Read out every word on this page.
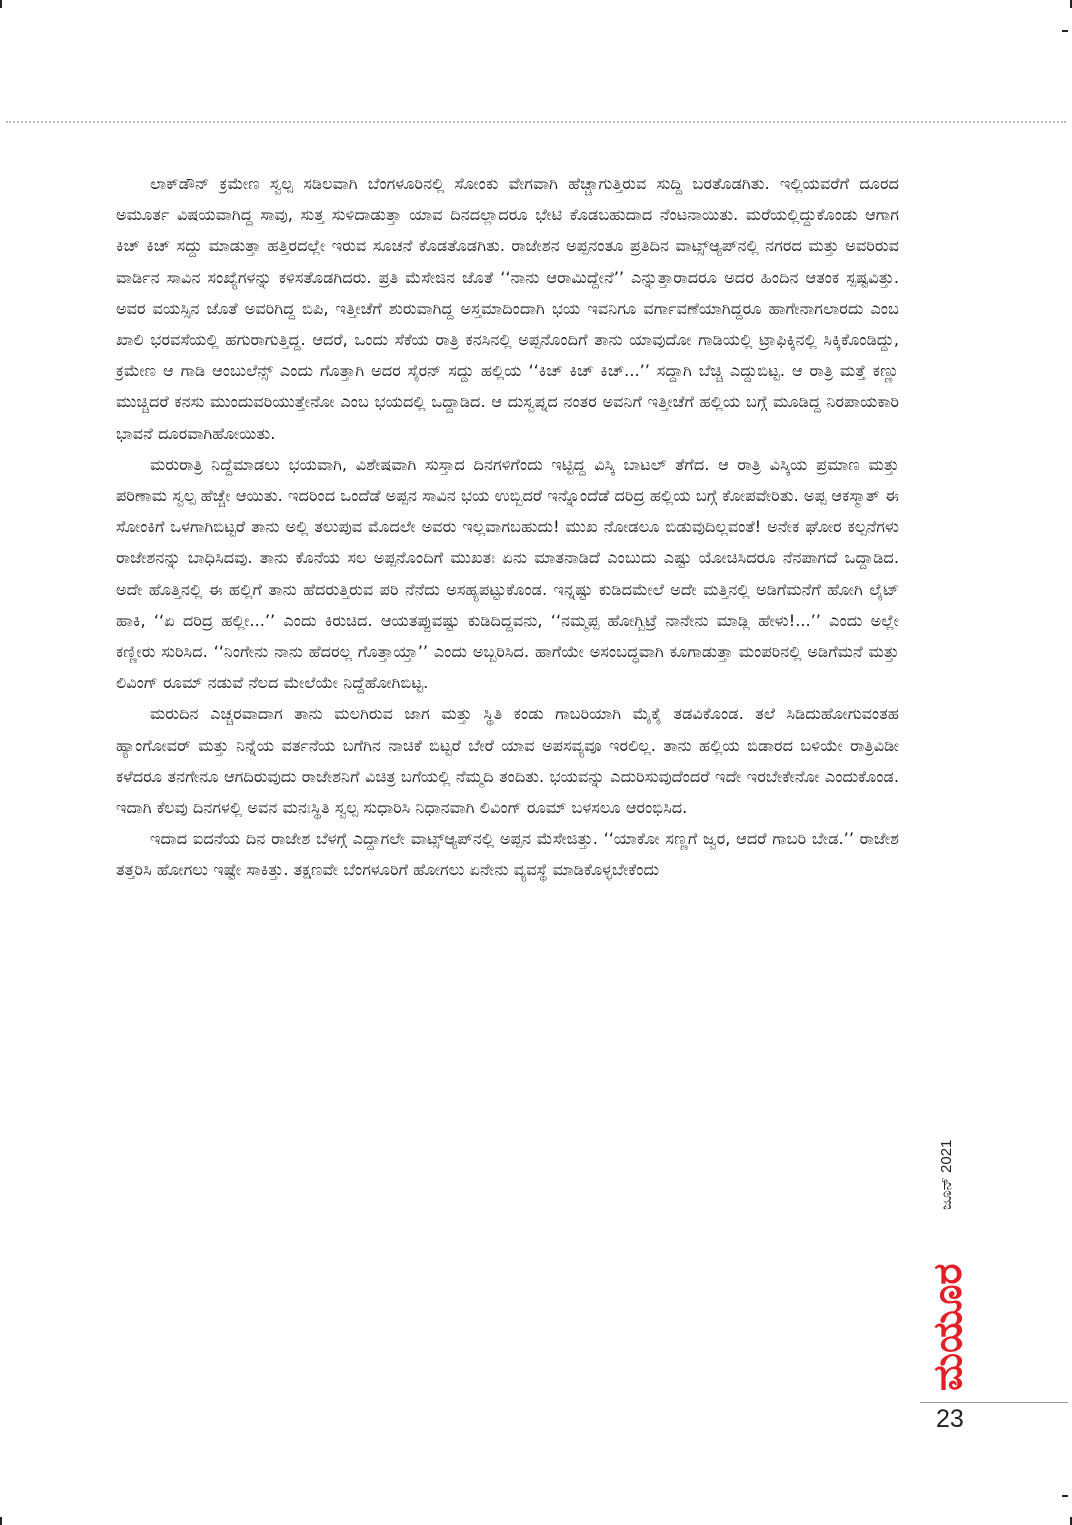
ಲಾಕ್‌ಡೌನ್ ಕ್ರಮೇಣ ಸ್ವಲ್ಪ ಸಡಿಲವಾಗಿ ಬೆಂಗಳೂರಿನಲ್ಲಿ ಸೋಂಕು ವೇಗವಾಗಿ ಹೆಚ್ಚಾಗುತ್ತಿರುವ ಸುದ್ದಿ ಬರತೊಡಗಿತು. ಇಲ್ಲಿಯವರೆಗೆ ದೂರದ ಅಮೂರ್ತ ವಿಷಯವಾಗಿದ್ದ ಸಾವು, ಸುತ್ತ ಸುಳಿದಾಡುತ್ತಾ ಯಾವ ದಿನದಲ್ಲಾದರೂ ಭೇಟಿ ಕೊಡಬಹುದಾದ ನೆಂಟನಾಯಿತು. ಮರೆಯಲ್ಲಿದ್ದುಕೊಂಡು ಆಗಾಗ ಕಿಚ್ ಕಿಚ್ ಸದ್ದು ಮಾಡುತ್ತಾ ಹತ್ತಿರದಲ್ಲೇ ಇರುವ ಸೂಚನೆ ಕೊಡತೊಡಗಿತು. ರಾಜೇಶನ ಅಪ್ಪನಂತೂ ಪ್ರತಿದಿನ ವಾಟ್ಸ್‌ಆ್ಯಪ್‌ನಲ್ಲಿ ನಗರದ ಮತ್ತು ಅವರಿರುವ ವಾರ್ಡಿನ ಸಾವಿನ ಸಂಖ್ಯೆಗಳನ್ನು ಕಳಿಸತೊಡಗಿದರು. ಪ್ರತಿ ಮೆಸೇಜಿನ ಜೊತೆ ‘‘ನಾನು ಆರಾಮಿದ್ದೇನೆ’’ ಎನ್ನುತ್ತಾರಾದರೂ ಅದರ ಹಿಂದಿನ ಆತಂಕ ಸ್ಪಷ್ಟವಿತ್ತು. ಅವರ ವಯಸ್ಸಿನ ಜೊತೆ ಅವರಿಗಿದ್ದ ಬಿಪಿ, ಇತ್ತೀಚೆಗೆ ಶುರುವಾಗಿದ್ದ ಅಸ್ತಮಾದಿಂದಾಗಿ ಭಯ ಇವನಿಗೂ ವರ್ಗಾವಣೆಯಾಗಿದ್ದರೂ ಹಾಗೇನಾಗಲಾರದು ಎಂಬ ಖಾಲಿ ಭರವಸೆಯಲ್ಲಿ ಹಗುರಾಗುತ್ತಿದ್ದ. ಆದರೆ, ಒಂದು ಸೆಕೆಯ ರಾತ್ರಿ ಕನಸಿನಲ್ಲಿ ಅಪ್ಪನೊಂದಿಗೆ ತಾನು ಯಾವುದೋ ಗಾಡಿಯಲ್ಲಿ ಟ್ರಾಫಿಕ್ಕಿನಲ್ಲಿ ಸಿಕ್ಕಿಕೊಂಡಿದ್ದು, ಕ್ರಮೇಣ ಆ ಗಾಡಿ ಆಂಬುಲೆನ್ಸ್ ಎಂದು ಗೊತ್ತಾಗಿ ಅದರ ಸೈರನ್ ಸದ್ದು ಹಲ್ಲಿಯ ‘‘ಕಿಚ್ ಕಿಚ್ ಕಿಚ್...’’ ಸದ್ದಾಗಿ ಬೆಚ್ಚಿ ಎದ್ದುಬಿಟ್ಟ. ಆ ರಾತ್ರಿ ಮತ್ತೆ ಕಣ್ಣು ಮುಚ್ಚಿದರೆ ಕನಸು ಮುಂದುವರಿಯುತ್ತೇನೋ ಎಂಬ ಭಯದಲ್ಲಿ ಒದ್ದಾಡಿದ. ಆ ದುಸ್ವಪ್ನದ ನಂತರ ಅವನಿಗೆ ಇತ್ತೀಚೆಗೆ ಹಲ್ಲಿಯ ಬಗ್ಗೆ ಮೂಡಿದ್ದ ನಿರಪಾಯಕಾರಿ ಭಾವನೆ ದೂರವಾಗಿಹೋಯಿತು.

ಮರುರಾತ್ರಿ ನಿದ್ದೆಮಾಡಲು ಭಯವಾಗಿ, ವಿಶೇಷವಾಗಿ ಸುಸ್ತಾದ ದಿನಗಳಿಗೆಂದು ಇಟ್ಟಿದ್ದ ವಿಸ್ಕಿ ಬಾಟಲ್ ತೆಗೆದ. ಆ ರಾತ್ರಿ ವಿಸ್ಕಿಯ ಪ್ರಮಾಣ ಮತ್ತು ಪರಿಣಾಮ ಸ್ವಲ್ಪ ಹೆಚ್ಚೇ ಆಯಿತು. ಇದರಿಂದ ಒಂದೆಡೆ ಅಪ್ಪನ ಸಾವಿನ ಭಯ ಉಬ್ಬಿದರೆ ಇನ್ನೊಂದೆಡೆ ದರಿದ್ರ ಹಲ್ಲಿಯ ಬಗ್ಗೆ ಕೋಪವೇರಿತು. ಅಪ್ಪ ಆಕಸ್ಮಾತ್ ಈ ಸೋಂಕಿಗೆ ಒಳಗಾಗಿಬಿಟ್ಟರೆ ತಾನು ಅಲ್ಲಿ ತಲುಪುವ ಮೊದಲೇ ಅವರು ಇಲ್ಲವಾಗಬಹುದು! ಮುಖ ನೋಡಲೂ ಬಿಡುವುದಿಲ್ಲವಂತೆ! ಅನೇಕ ಘೋರ ಕಲ್ಪನೆಗಳು ರಾಜೇಶನನ್ನು ಬಾಧಿಸಿದವು. ತಾನು ಕೊನೆಯ ಸಲ ಅಪ್ಪನೊಂದಿಗೆ ಮುಖತಃ ಏನು ಮಾತನಾಡಿದೆ ಎಂಬುದು ಎಷ್ಟು ಯೋಚಿಸಿದರೂ ನೆನಪಾಗದೆ ಒದ್ದಾಡಿದ. ಅದೇ ಹೊತ್ತಿನಲ್ಲಿ ಈ ಹಲ್ಲಿಗೆ ತಾನು ಹೆದರುತ್ತಿರುವ ಪರಿ ನೆನೆದು ಅಸಹ್ಯಪಟ್ಟುಕೊಂಡ. ಇನ್ನಷ್ಟು ಕುಡಿದಮೇಲೆ ಅದೇ ಮತ್ತಿನಲ್ಲಿ ಅಡಿಗೆಮನೆಗೆ ಹೋಗಿ ಲೈಟ್ ಹಾಕಿ, ‘‘ಏ ದರಿದ್ರ ಹಲ್ಲೀ...’’ ಎಂದು ಕಿರುಚಿದ. ಆಯತಪ್ಪುವಷ್ಟು ಕುಡಿದಿದ್ದವನು, ‘‘ನಮ್ಮಪ್ಪ ಹೋಗ್ಬಿಟ್ರೆ ನಾನೇನು ಮಾಡ್ಲಿ ಹೇಳು!...’’ ಎಂದು ಅಲ್ಲೇ ಕಣ್ಣೀರು ಸುರಿಸಿದ. ‘‘ನಿಂಗೇನು ನಾನು ಹೆದರಲ್ಲ ಗೊತ್ತಾಯ್ತಾ’’ ಎಂದು ಅಬ್ಬರಿಸಿದ. ಹಾಗೆಯೇ ಅಸಂಬದ್ಧವಾಗಿ ಕೂಗಾಡುತ್ತಾ ಮಂಪರಿನಲ್ಲಿ ಅಡಿಗೆಮನೆ ಮತ್ತು ಲಿವಿಂಗ್ ರೂಮ್ ನಡುವೆ ನೆಲದ ಮೇಲೆಯೇ ನಿದ್ದೆಹೋಗಿಬಿಟ್ಟ.

ಮರುದಿನ ಎಚ್ಚರವಾದಾಗ ತಾನು ಮಲಗಿರುವ ಜಾಗ ಮತ್ತು ಸ್ಥಿತಿ ಕಂಡು ಗಾಬರಿಯಾಗಿ ಮೈಕೈ ತಡವಿಕೊಂಡ. ತಲೆ ಸಿಡಿದುಹೋಗುವಂತಹ ಹ್ಯಾಂಗೋವರ್ ಮತ್ತು ನಿನ್ನೆಯ ವರ್ತನೆಯ ಬಗೆಗಿನ ನಾಚಿಕೆ ಬಿಟ್ಟರೆ ಬೇರೆ ಯಾವ ಅಪಸವ್ಯವೂ ಇರಲಿಲ್ಲ. ತಾನು ಹಲ್ಲಿಯ ಬಿಡಾರದ ಬಳಿಯೇ ರಾತ್ರಿವಿಡೀ ಕಳೆದರೂ ತನಗೇನೂ ಆಗದಿರುವುದು ರಾಜೇಶನಿಗೆ ವಿಚಿತ್ರ ಬಗೆಯಲ್ಲಿ ನೆಮ್ಮದಿ ತಂದಿತು. ಭಯವನ್ನು ಎದುರಿಸುವುದೆಂದರೆ ಇದೇ ಇರಬೇಕೇನೋ ಎಂದುಕೊಂಡ. ಇದಾಗಿ ಕೆಲವು ದಿನಗಳಲ್ಲಿ ಅವನ ಮನಃಸ್ಥಿತಿ ಸ್ವಲ್ಪ ಸುಧಾರಿಸಿ ನಿಧಾನವಾಗಿ ಲಿವಿಂಗ್ ರೂಮ್ ಬಳಸಲೂ ಆರಂಭಿಸಿದ.

ಇದಾದ ಐದನೆಯ ದಿನ ರಾಜೇಶ ಬೆಳಗ್ಗೆ ಎದ್ದಾಗಲೇ ವಾಟ್ಸ್‌ಆ್ಯಪ್‌ನಲ್ಲಿ ಅಪ್ಪನ ಮೆಸೇಜಿತ್ತು. ‘‘ಯಾಕೋ ಸಣ್ಣಗೆ ಜ್ವರ, ಆದರೆ ಗಾಬರಿ ಬೇಡ.’’ ರಾಜೇಶ ತತ್ತರಿಸಿ ಹೋಗಲು ಇಷ್ಟೇ ಸಾಕಿತ್ತು. ತಕ್ಷಣವೇ ಬೆಂಗಳೂರಿಗೆ ಹೋಗಲು ಏನೇನು ವ್ಯವಸ್ಥೆ ಮಾಡಿಕೊಳ್ಳಬೇಕೆಂದು

ಜೂನ್ 2021
ಮಯೂರ
23
